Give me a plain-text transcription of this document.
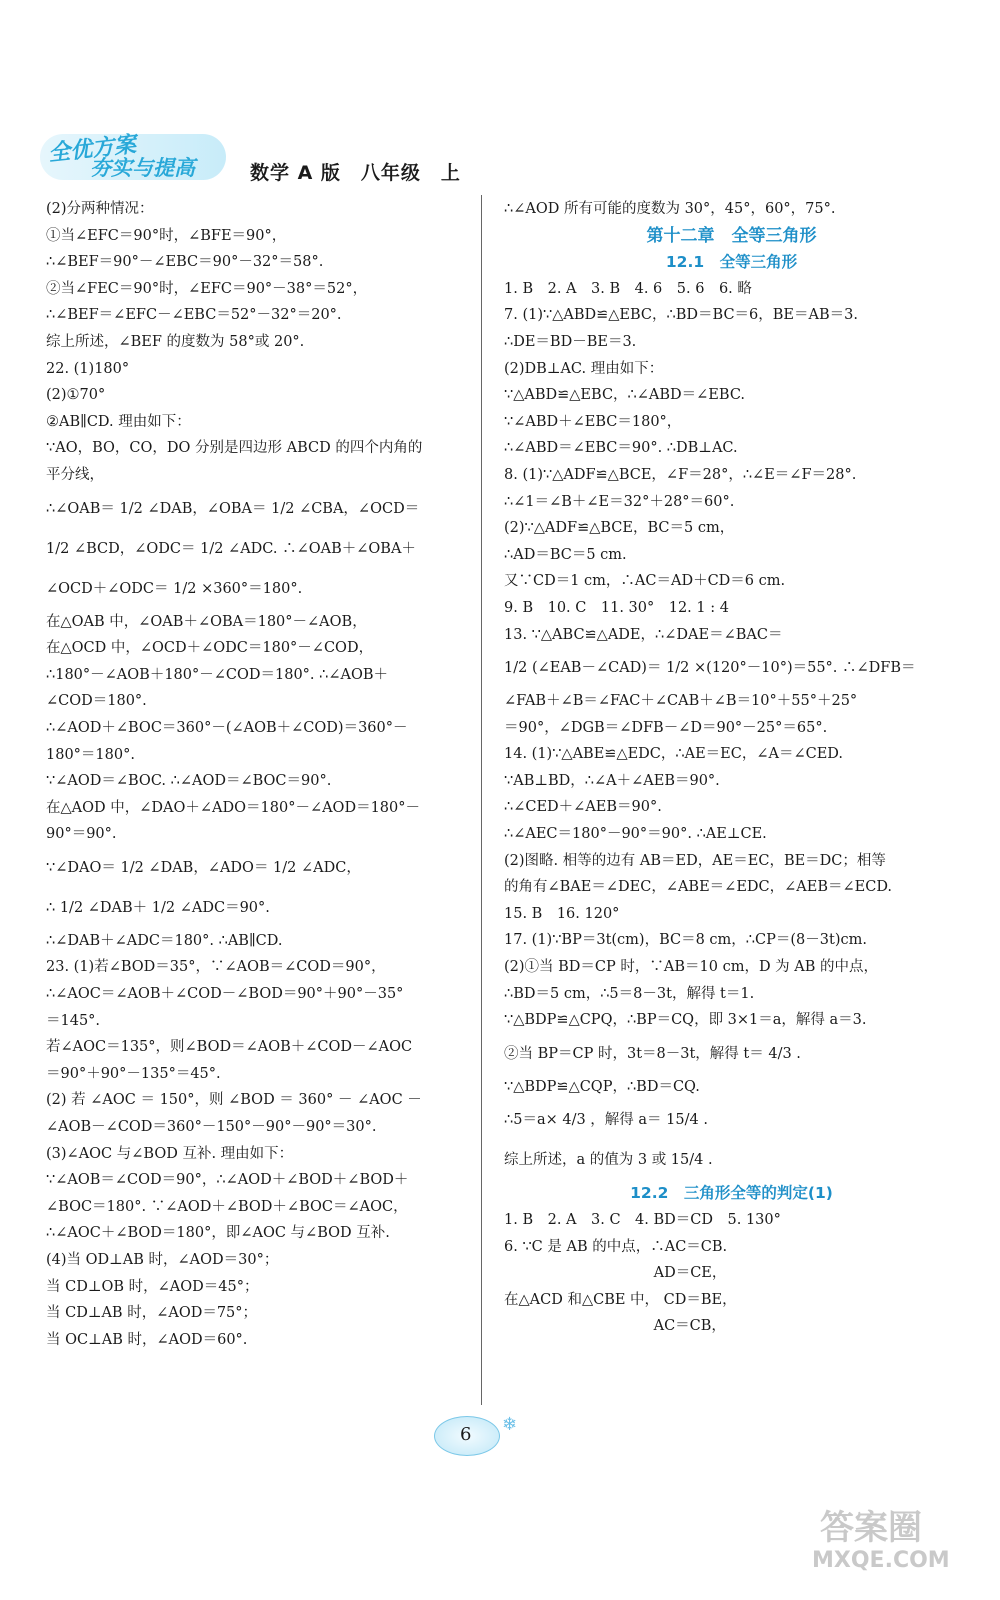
全优方案
夯实与提高	数学 A 版　八年级　上
(2)分两种情况：
①当∠EFC＝90°时，∠BFE＝90°，
∴∠BEF＝90°－∠EBC＝90°－32°＝58°.
②当∠FEC＝90°时，∠EFC＝90°－38°＝52°，
∴∠BEF＝∠EFC－∠EBC＝52°－32°＝20°.
综上所述，∠BEF 的度数为 58°或 20°.
22. (1)180°
(2)①70°
②AB∥CD. 理由如下：
∵AO，BO，CO，DO 分别是四边形 ABCD 的四个内角的
平分线，
∴∠OAB＝ 1/2 ∠DAB，∠OBA＝ 1/2 ∠CBA，∠OCD＝
1/2 ∠BCD，∠ODC＝ 1/2 ∠ADC. ∴∠OAB＋∠OBA＋
∠OCD＋∠ODC＝ 1/2 ×360°＝180°.
在△OAB 中，∠OAB＋∠OBA＝180°－∠AOB，
在△OCD 中，∠OCD＋∠ODC＝180°－∠COD，
∴180°－∠AOB＋180°－∠COD＝180°. ∴∠AOB＋
∠COD＝180°.
∴∠AOD＋∠BOC＝360°－(∠AOB＋∠COD)＝360°－
180°＝180°.
∵∠AOD＝∠BOC. ∴∠AOD＝∠BOC＝90°.
在△AOD 中，∠DAO＋∠ADO＝180°－∠AOD＝180°－
90°＝90°.
∵∠DAO＝ 1/2 ∠DAB，∠ADO＝ 1/2 ∠ADC，
∴ 1/2 ∠DAB＋ 1/2 ∠ADC＝90°.
∴∠DAB＋∠ADC＝180°. ∴AB∥CD.
23. (1)若∠BOD＝35°，∵∠AOB＝∠COD＝90°，
∴∠AOC＝∠AOB＋∠COD－∠BOD＝90°＋90°－35°
＝145°.
若∠AOC＝135°，则∠BOD＝∠AOB＋∠COD－∠AOC
＝90°＋90°－135°＝45°.
(2) 若 ∠AOC ＝ 150°，则 ∠BOD ＝ 360° － ∠AOC －
∠AOB－∠COD＝360°－150°－90°－90°＝30°.
(3)∠AOC 与∠BOD 互补. 理由如下：
∵∠AOB＝∠COD＝90°，∴∠AOD＋∠BOD＋∠BOD＋
∠BOC＝180°. ∵∠AOD＋∠BOD＋∠BOC＝∠AOC，
∴∠AOC＋∠BOD＝180°，即∠AOC 与∠BOD 互补.
(4)当 OD⊥AB 时，∠AOD＝30°；
当 CD⊥OB 时，∠AOD＝45°；
当 CD⊥AB 时，∠AOD＝75°；
当 OC⊥AB 时，∠AOD＝60°.
∴∠AOD 所有可能的度数为 30°，45°，60°，75°.
第十二章　全等三角形
12.1　全等三角形
1. B　2. A　3. B　4. 6　5. 6　6. 略
7. (1)∵△ABD≌△EBC，∴BD＝BC＝6，BE＝AB＝3.
∴DE＝BD－BE＝3.
(2)DB⊥AC. 理由如下：
∵△ABD≌△EBC，∴∠ABD＝∠EBC.
∵∠ABD＋∠EBC＝180°，
∴∠ABD＝∠EBC＝90°. ∴DB⊥AC.
8. (1)∵△ADF≌△BCE，∠F＝28°，∴∠E＝∠F＝28°.
∴∠1＝∠B＋∠E＝32°＋28°＝60°.
(2)∵△ADF≌△BCE，BC＝5 cm，
∴AD＝BC＝5 cm.
又∵CD＝1 cm，∴AC＝AD＋CD＝6 cm.
9. B　10. C　11. 30°　12. 1 : 4
13. ∵△ABC≌△ADE，∴∠DAE＝∠BAC＝
1/2 (∠EAB－∠CAD)＝ 1/2 ×(120°－10°)＝55°. ∴∠DFB＝
∠FAB＋∠B＝∠FAC＋∠CAB＋∠B＝10°＋55°＋25°
＝90°，∠DGB＝∠DFB－∠D＝90°－25°＝65°.
14. (1)∵△ABE≌△EDC，∴AE＝EC，∠A＝∠CED.
∵AB⊥BD，∴∠A＋∠AEB＝90°.
∴∠CED＋∠AEB＝90°.
∴∠AEC＝180°－90°＝90°. ∴AE⊥CE.
(2)图略. 相等的边有 AB＝ED，AE＝EC，BE＝DC；相等
的角有∠BAE＝∠DEC，∠ABE＝∠EDC，∠AEB＝∠ECD.
15. B　16. 120°
17. (1)∵BP＝3t(cm)，BC＝8 cm，∴CP＝(8－3t)cm.
(2)①当 BD＝CP 时，∵AB＝10 cm，D 为 AB 的中点，
∴BD＝5 cm，∴5＝8－3t，解得 t＝1.
∵△BDP≌△CPQ，∴BP＝CQ，即 3×1＝a，解得 a＝3.
②当 BP＝CP 时，3t＝8－3t，解得 t＝ 4/3 .
∵△BDP≌△CQP，∴BD＝CQ.
∴5＝a× 4/3 ，解得 a＝ 15/4 .
综上所述，a 的值为 3 或 15/4 .
12.2　三角形全等的判定(1)
1. B　2. A　3. C　4. BD＝CD　5. 130°
6. ∵C 是 AB 的中点，∴AC＝CB.
　　　　　　　　　　 AD＝CE，
在△ACD 和△CBE 中， CD＝BE，
　　　　　　　　　　 AC＝CB，
6 ❄
答案圈
MXQE.COM
